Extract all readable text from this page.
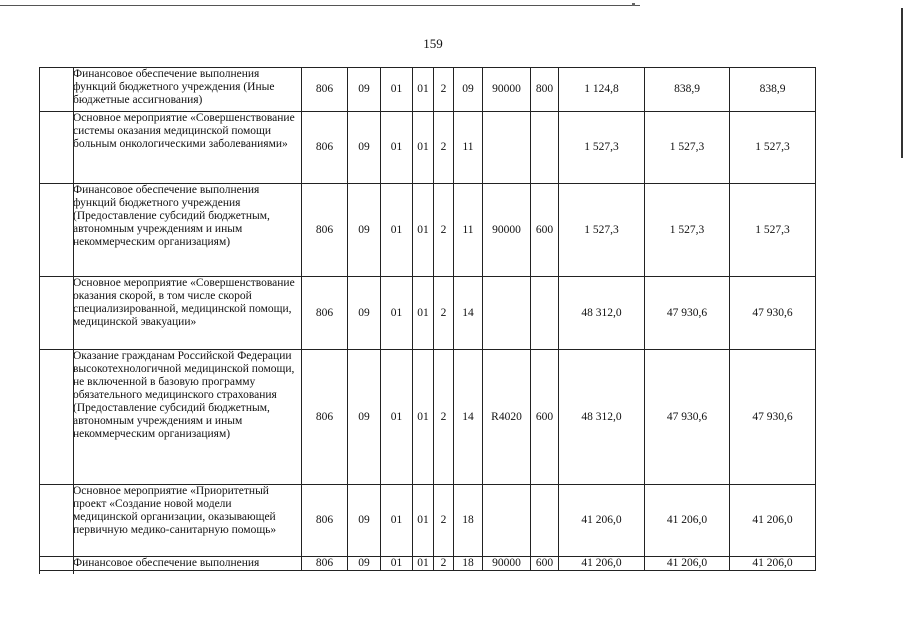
159
Финансовое обеспечение выполнения функций бюджетного учреждения (Иные бюджетные ассигнования)	806	09	01	01	2	09	90000	800	1 124,8	838,9	838,9
Основное мероприятие «Совершенствование системы оказания медицинской помощи больным онкологическими заболеваниями»	806	09	01	01	2	11			1 527,3	1 527,3	1 527,3
Финансовое обеспечение выполнения функций бюджетного учреждения (Предоставление субсидий бюджетным, автономным учреждениям и иным некоммерческим организациям)	806	09	01	01	2	11	90000	600	1 527,3	1 527,3	1 527,3
Основное мероприятие «Совершенствование оказания скорой, в том числе скорой специализированной, медицинской помощи, медицинской эвакуации»	806	09	01	01	2	14			48 312,0	47 930,6	47 930,6
Оказание гражданам Российской Федерации высокотехнологичной медицинской помощи, не включенной в базовую программу обязательного медицинского страхования (Предоставление субсидий бюджетным, автономным учреждениям и иным некоммерческим организациям)	806	09	01	01	2	14	R4020	600	48 312,0	47 930,6	47 930,6
Основное мероприятие «Приоритетный проект «Создание новой модели медицинской организации, оказывающей первичную медико-санитарную помощь»	806	09	01	01	2	18			41 206,0	41 206,0	41 206,0
Финансовое обеспечение выполнения	806	09	01	01	2	18	90000	600	41 206,0	41 206,0	41 206,0
